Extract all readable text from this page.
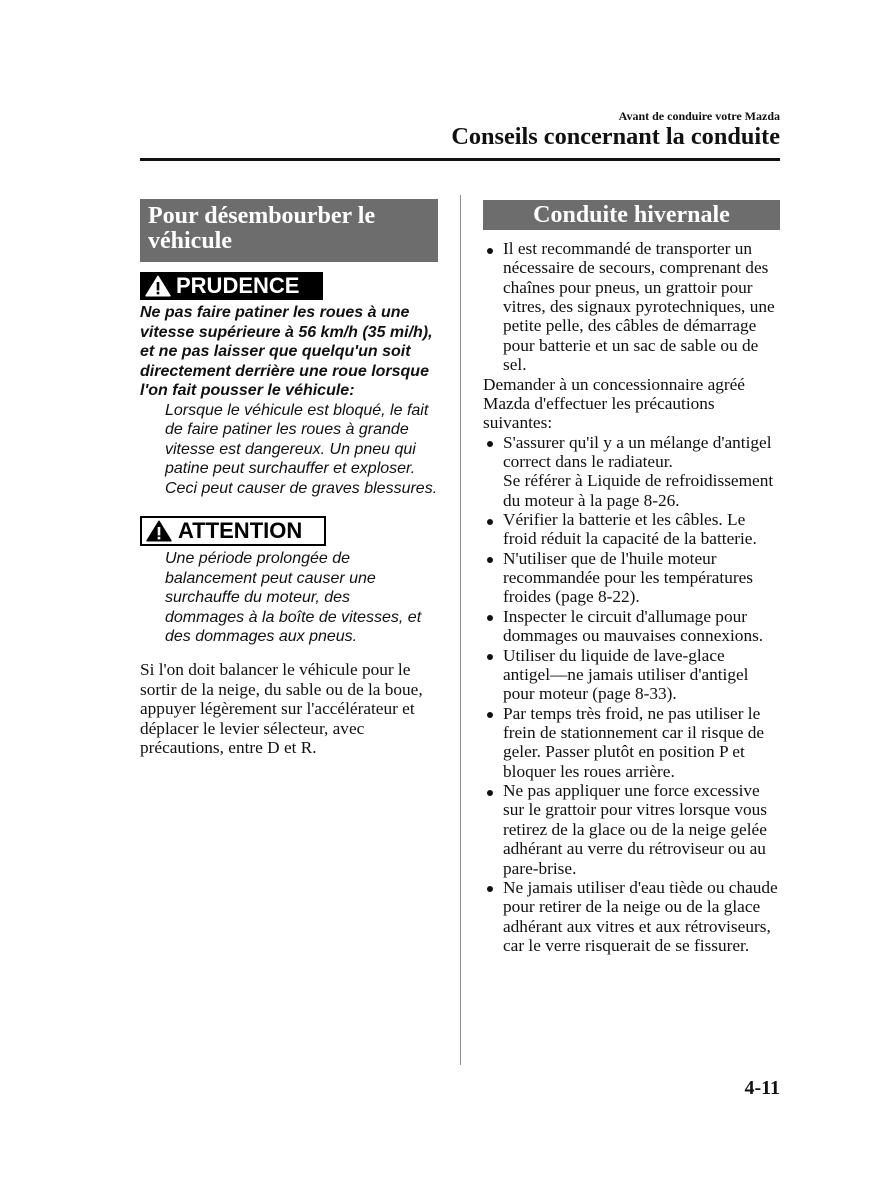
Avant de conduire votre Mazda
Conseils concernant la conduite
Pour désembourber le véhicule
PRUDENCE
Ne pas faire patiner les roues à une
vitesse supérieure à 56 km/h (35 mi/h),
et ne pas laisser que quelqu'un soit
directement derrière une roue lorsque
l'on fait pousser le véhicule:
Lorsque le véhicule est bloqué, le fait
de faire patiner les roues à grande
vitesse est dangereux. Un pneu qui
patine peut surchauffer et exploser.
Ceci peut causer de graves blessures.
ATTENTION
Une période prolongée de
balancement peut causer une
surchauffe du moteur, des
dommages à la boîte de vitesses, et
des dommages aux pneus.
Si l'on doit balancer le véhicule pour le
sortir de la neige, du sable ou de la boue,
appuyer légèrement sur l'accélérateur et
déplacer le levier sélecteur, avec
précautions, entre D et R.
Conduite hivernale
Il est recommandé de transporter un
nécessaire de secours, comprenant des
chaînes pour pneus, un grattoir pour
vitres, des signaux pyrotechniques, une
petite pelle, des câbles de démarrage
pour batterie et un sac de sable ou de
sel.
Demander à un concessionnaire agréé
Mazda d'effectuer les précautions
suivantes:
S'assurer qu'il y a un mélange d'antigel
correct dans le radiateur.
Se référer à Liquide de refroidissement
du moteur à la page 8-26.
Vérifier la batterie et les câbles. Le
froid réduit la capacité de la batterie.
N'utiliser que de l'huile moteur
recommandée pour les températures
froides (page 8-22).
Inspecter le circuit d'allumage pour
dommages ou mauvaises connexions.
Utiliser du liquide de lave-glace
antigel—ne jamais utiliser d'antigel
pour moteur (page 8-33).
Par temps très froid, ne pas utiliser le
frein de stationnement car il risque de
geler. Passer plutôt en position P et
bloquer les roues arrière.
Ne pas appliquer une force excessive
sur le grattoir pour vitres lorsque vous
retirez de la glace ou de la neige gelée
adhérant au verre du rétroviseur ou au
pare-brise.
Ne jamais utiliser d'eau tiède ou chaude
pour retirer de la neige ou de la glace
adhérant aux vitres et aux rétroviseurs,
car le verre risquerait de se fissurer.
4-11
